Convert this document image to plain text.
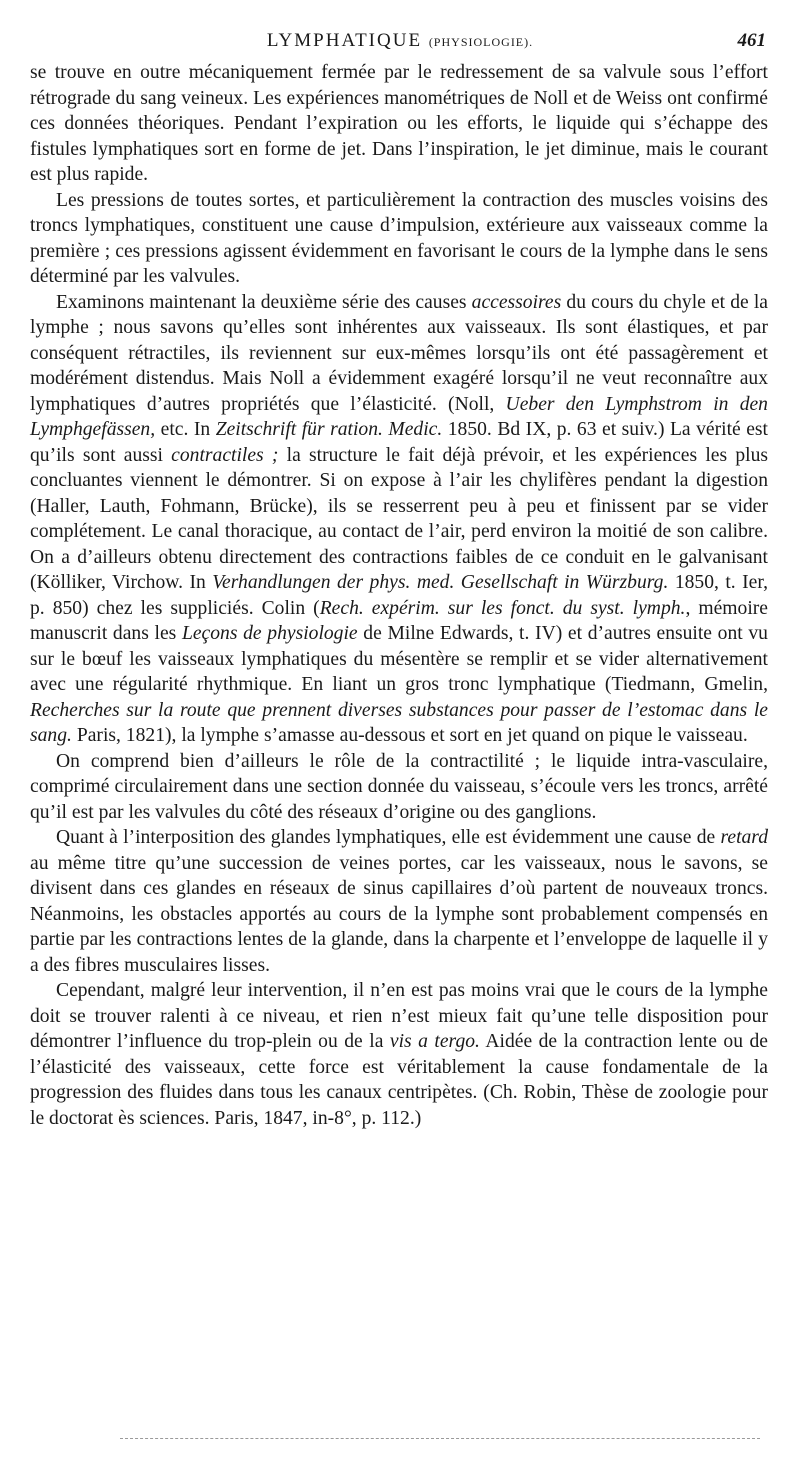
LYMPHATIQUE (PHYSIOLOGIE).	461

se trouve en outre mécaniquement fermée par le redressement de sa valvule sous l’effort rétrograde du sang veineux. Les expériences manométriques de Noll et de Weiss ont confirmé ces données théoriques. Pendant l’expiration ou les efforts, le liquide qui s’échappe des fistules lymphatiques sort en forme de jet. Dans l’inspiration, le jet diminue, mais le courant est plus rapide.

Les pressions de toutes sortes, et particulièrement la contraction des muscles voisins des troncs lymphatiques, constituent une cause d’impulsion, extérieure aux vaisseaux comme la première ; ces pressions agissent évidemment en favorisant le cours de la lymphe dans le sens déterminé par les valvules.

Examinons maintenant la deuxième série des causes accessoires du cours du chyle et de la lymphe ; nous savons qu’elles sont inhérentes aux vaisseaux. Ils sont élastiques, et par conséquent rétractiles, ils reviennent sur eux-mêmes lorsqu’ils ont été passagèrement et modérément distendus. Mais Noll a évidemment exagéré lorsqu’il ne veut reconnaître aux lymphatiques d’autres propriétés que l’élasticité. (Noll, Ueber den Lymphstrom in den Lymphgefässen, etc. In Zeitschrift für ration. Medic. 1850. Bd IX, p. 63 et suiv.) La vérité est qu’ils sont aussi contractiles ; la structure le fait déjà prévoir, et les expériences les plus concluantes viennent le démontrer. Si on expose à l’air les chylifères pendant la digestion (Haller, Lauth, Fohmann, Brücke), ils se resserrent peu à peu et finissent par se vider complétement. Le canal thoracique, au contact de l’air, perd environ la moitié de son calibre. On a d’ailleurs obtenu directement des contractions faibles de ce conduit en le galvanisant (Kölliker, Virchow. In Verhandlungen der phys. med. Gesellschaft in Würzburg. 1850, t. Ier, p. 850) chez les suppliciés. Colin (Rech. expérim. sur les fonct. du syst. lymph., mémoire manuscrit dans les Leçons de physiologie de Milne Edwards, t. IV) et d’autres ensuite ont vu sur le bœuf les vaisseaux lymphatiques du mésentère se remplir et se vider alternativement avec une régularité rhythmique. En liant un gros tronc lymphatique (Tiedmann, Gmelin, Recherches sur la route que prennent diverses substances pour passer de l’estomac dans le sang. Paris, 1821), la lymphe s’amasse au-dessous et sort en jet quand on pique le vaisseau.

On comprend bien d’ailleurs le rôle de la contractilité ; le liquide intra-vasculaire, comprimé circulairement dans une section donnée du vaisseau, s’écoule vers les troncs, arrêté qu’il est par les valvules du côté des réseaux d’origine ou des ganglions.

Quant à l’interposition des glandes lymphatiques, elle est évidemment une cause de retard au même titre qu’une succession de veines portes, car les vaisseaux, nous le savons, se divisent dans ces glandes en réseaux de sinus capillaires d’où partent de nouveaux troncs. Néanmoins, les obstacles apportés au cours de la lymphe sont probablement compensés en partie par les contractions lentes de la glande, dans la charpente et l’enveloppe de laquelle il y a des fibres musculaires lisses.

Cependant, malgré leur intervention, il n’en est pas moins vrai que le cours de la lymphe doit se trouver ralenti à ce niveau, et rien n’est mieux fait qu’une telle disposition pour démontrer l’influence du trop-plein ou de la vis a tergo. Aidée de la contraction lente ou de l’élasticité des vaisseaux, cette force est véritablement la cause fondamentale de la progression des fluides dans tous les canaux centripètes. (Ch. Robin, Thèse de zoologie pour le doctorat ès sciences. Paris, 1847, in-8°, p. 112.)
